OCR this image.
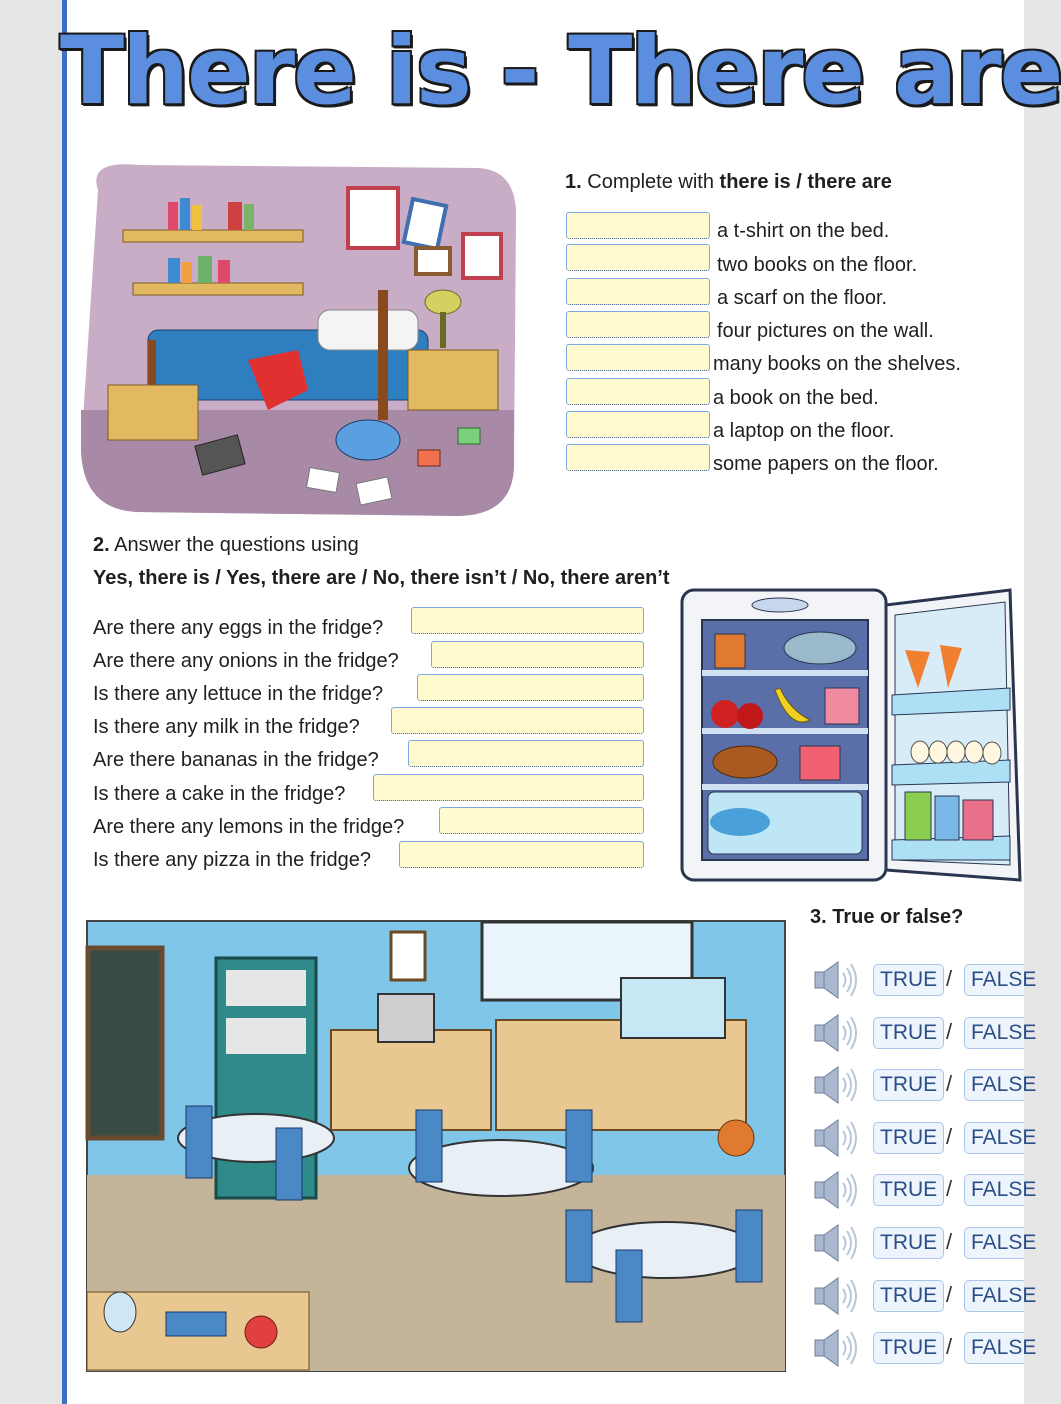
There is - There are
1. Complete with there is / there are
a t-shirt on the bed.
two books on the floor.
a scarf on the floor.
four pictures on the wall.
many books on the shelves.
a book on the bed.
a laptop on the floor.
some papers on the floor.
2. Answer the questions using
Yes, there is / Yes, there are / No, there isn’t / No, there aren’t
Are there any eggs in the fridge?
Are there any onions in the fridge?
Is there any lettuce in the fridge?
Is there any milk in the fridge?
Are there bananas in the fridge?
Is there a cake in the fridge?
Are there any lemons in the fridge?
Is there any pizza in the fridge?
3. True or false?
TRUE / FALSE
TRUE / FALSE
TRUE / FALSE
TRUE / FALSE
TRUE / FALSE
TRUE / FALSE
TRUE / FALSE
TRUE / FALSE
